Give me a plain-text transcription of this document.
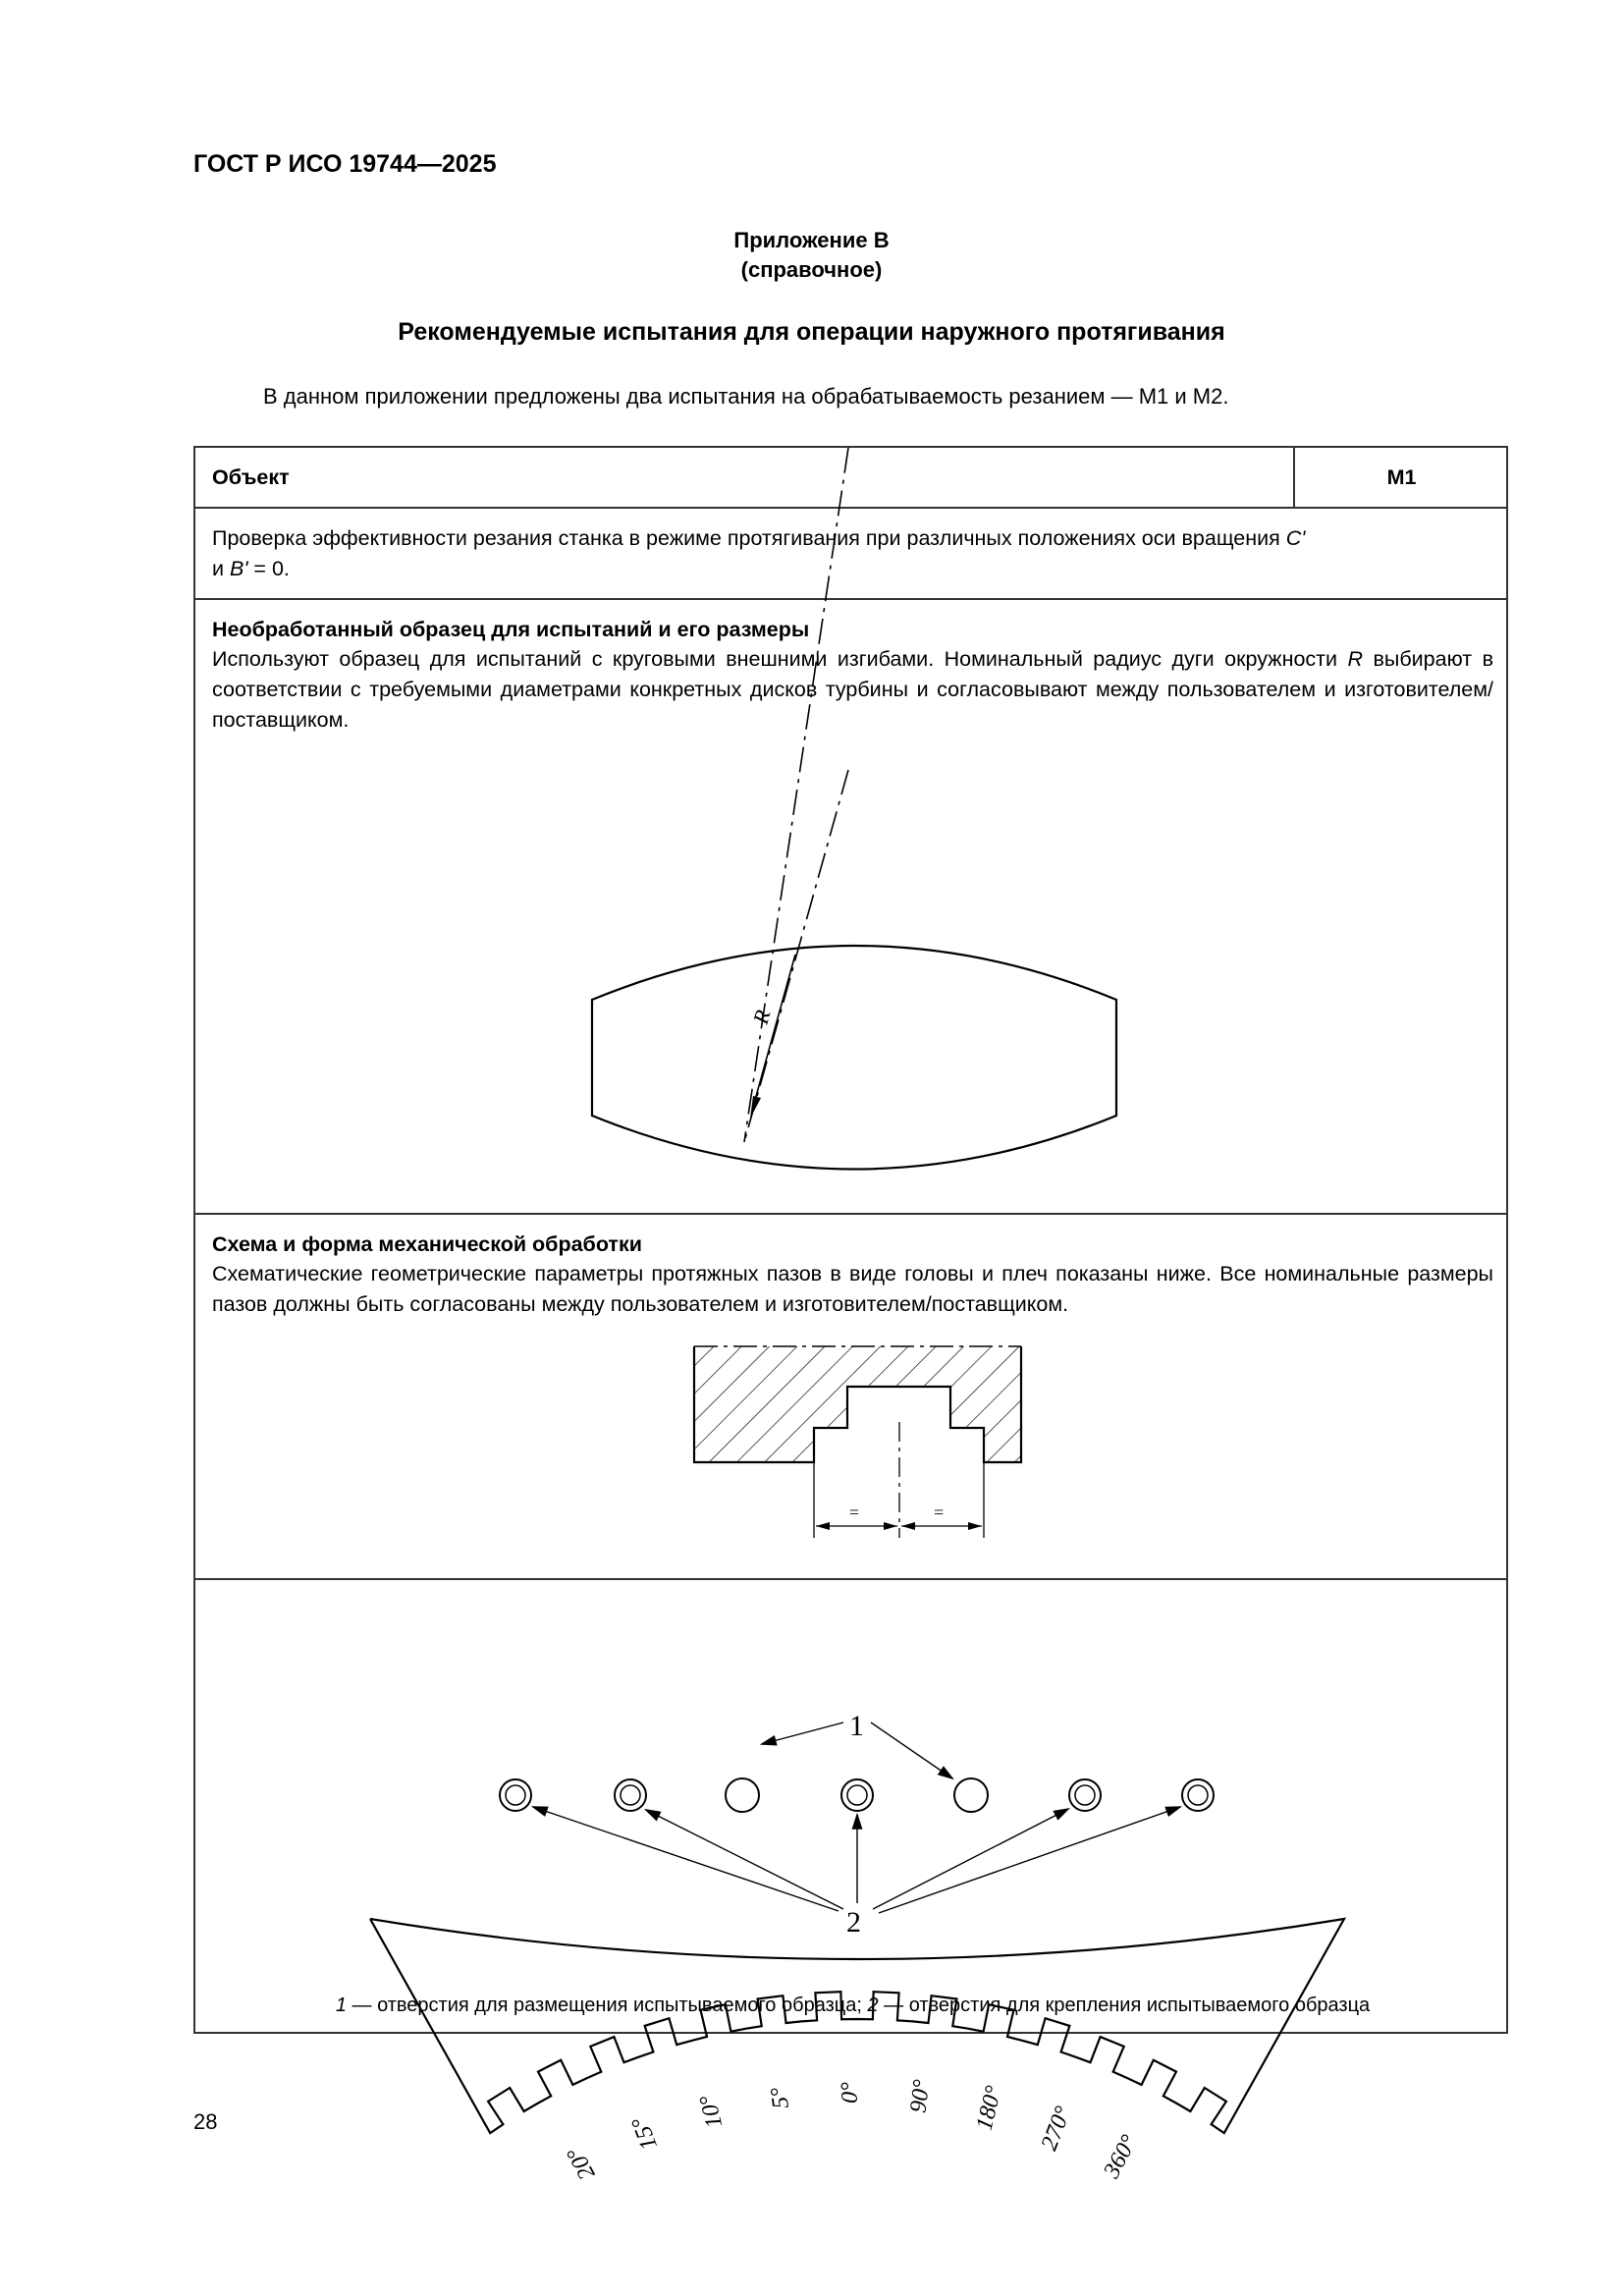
ГОСТ Р ИСО 19744—2025
Приложение В
(справочное)
Рекомендуемые испытания для операции наружного протягивания
В данном приложении предложены два испытания на обрабатываемость резанием — М1 и М2.
Объект	М1
Проверка эффективности резания станка в режиме протягивания при различных положениях оси вращения C'
и B' = 0.
Необработанный образец для испытаний и его размеры
Используют образец для испытаний с круговыми внешними изгибами. Номинальный радиус дуги окружности R выбирают в соответствии с требуемыми диаметрами конкретных дисков турбины и согласовывают между пользователем и изготовителем/поставщиком.
R
=	=
20°
15°
10° 5° 0° 90° 180° 270°
360°
1
2
Схема и форма механической обработки
Схематические геометрические параметры протяжных пазов в виде головы и плеч показаны ниже. Все номинальные размеры пазов должны быть согласованы между пользователем и изготовителем/поставщиком.
1 — отверстия для размещения испытываемого образца; 2 — отверстия для крепления испытываемого образца
28
